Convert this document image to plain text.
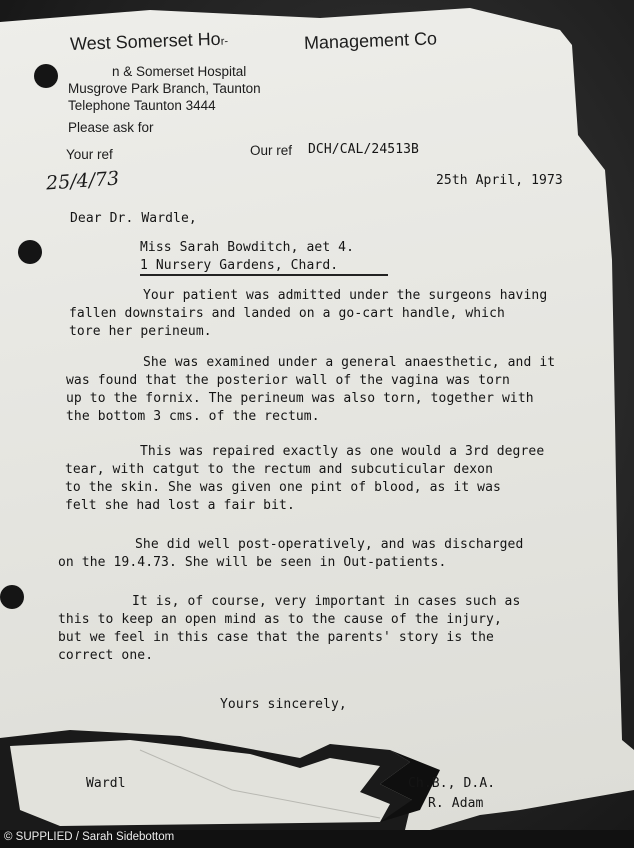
West Somerset Hor-	Management Co
n & Somerset Hospital
Musgrove Park Branch, Taunton
Telephone Taunton 3444
Please ask for
Your ref	Our ref DCH/CAL/24513B
25/4/73	25th April, 1973
Dear Dr. Wardle,
Miss Sarah Bowditch, aet 4.
1 Nursery Gardens, Chard.
Your patient was admitted under the surgeons having
fallen downstairs and landed on a go-cart handle, which
tore her perineum.
She was examined under a general anaesthetic, and it
was found that the posterior wall of the vagina was torn
up to the fornix. The perineum was also torn, together with
the bottom 3 cms. of the rectum.
This was repaired exactly as one would a 3rd degree
tear, with catgut to the rectum and subcuticular dexon
to the skin. She was given one pint of blood, as it was
felt she had lost a fair bit.
She did well post-operatively, and was discharged
on the 19.4.73. She will be seen in Out-patients.
It is, of course, very important in cases such as
this to keep an open mind as to the cause of the injury,
but we feel in this case that the parents' story is the
correct one.
Yours sincerely,
Wardl	Ch.B., D.A.
R. Adam
© SUPPLIED / Sarah Sidebottom
